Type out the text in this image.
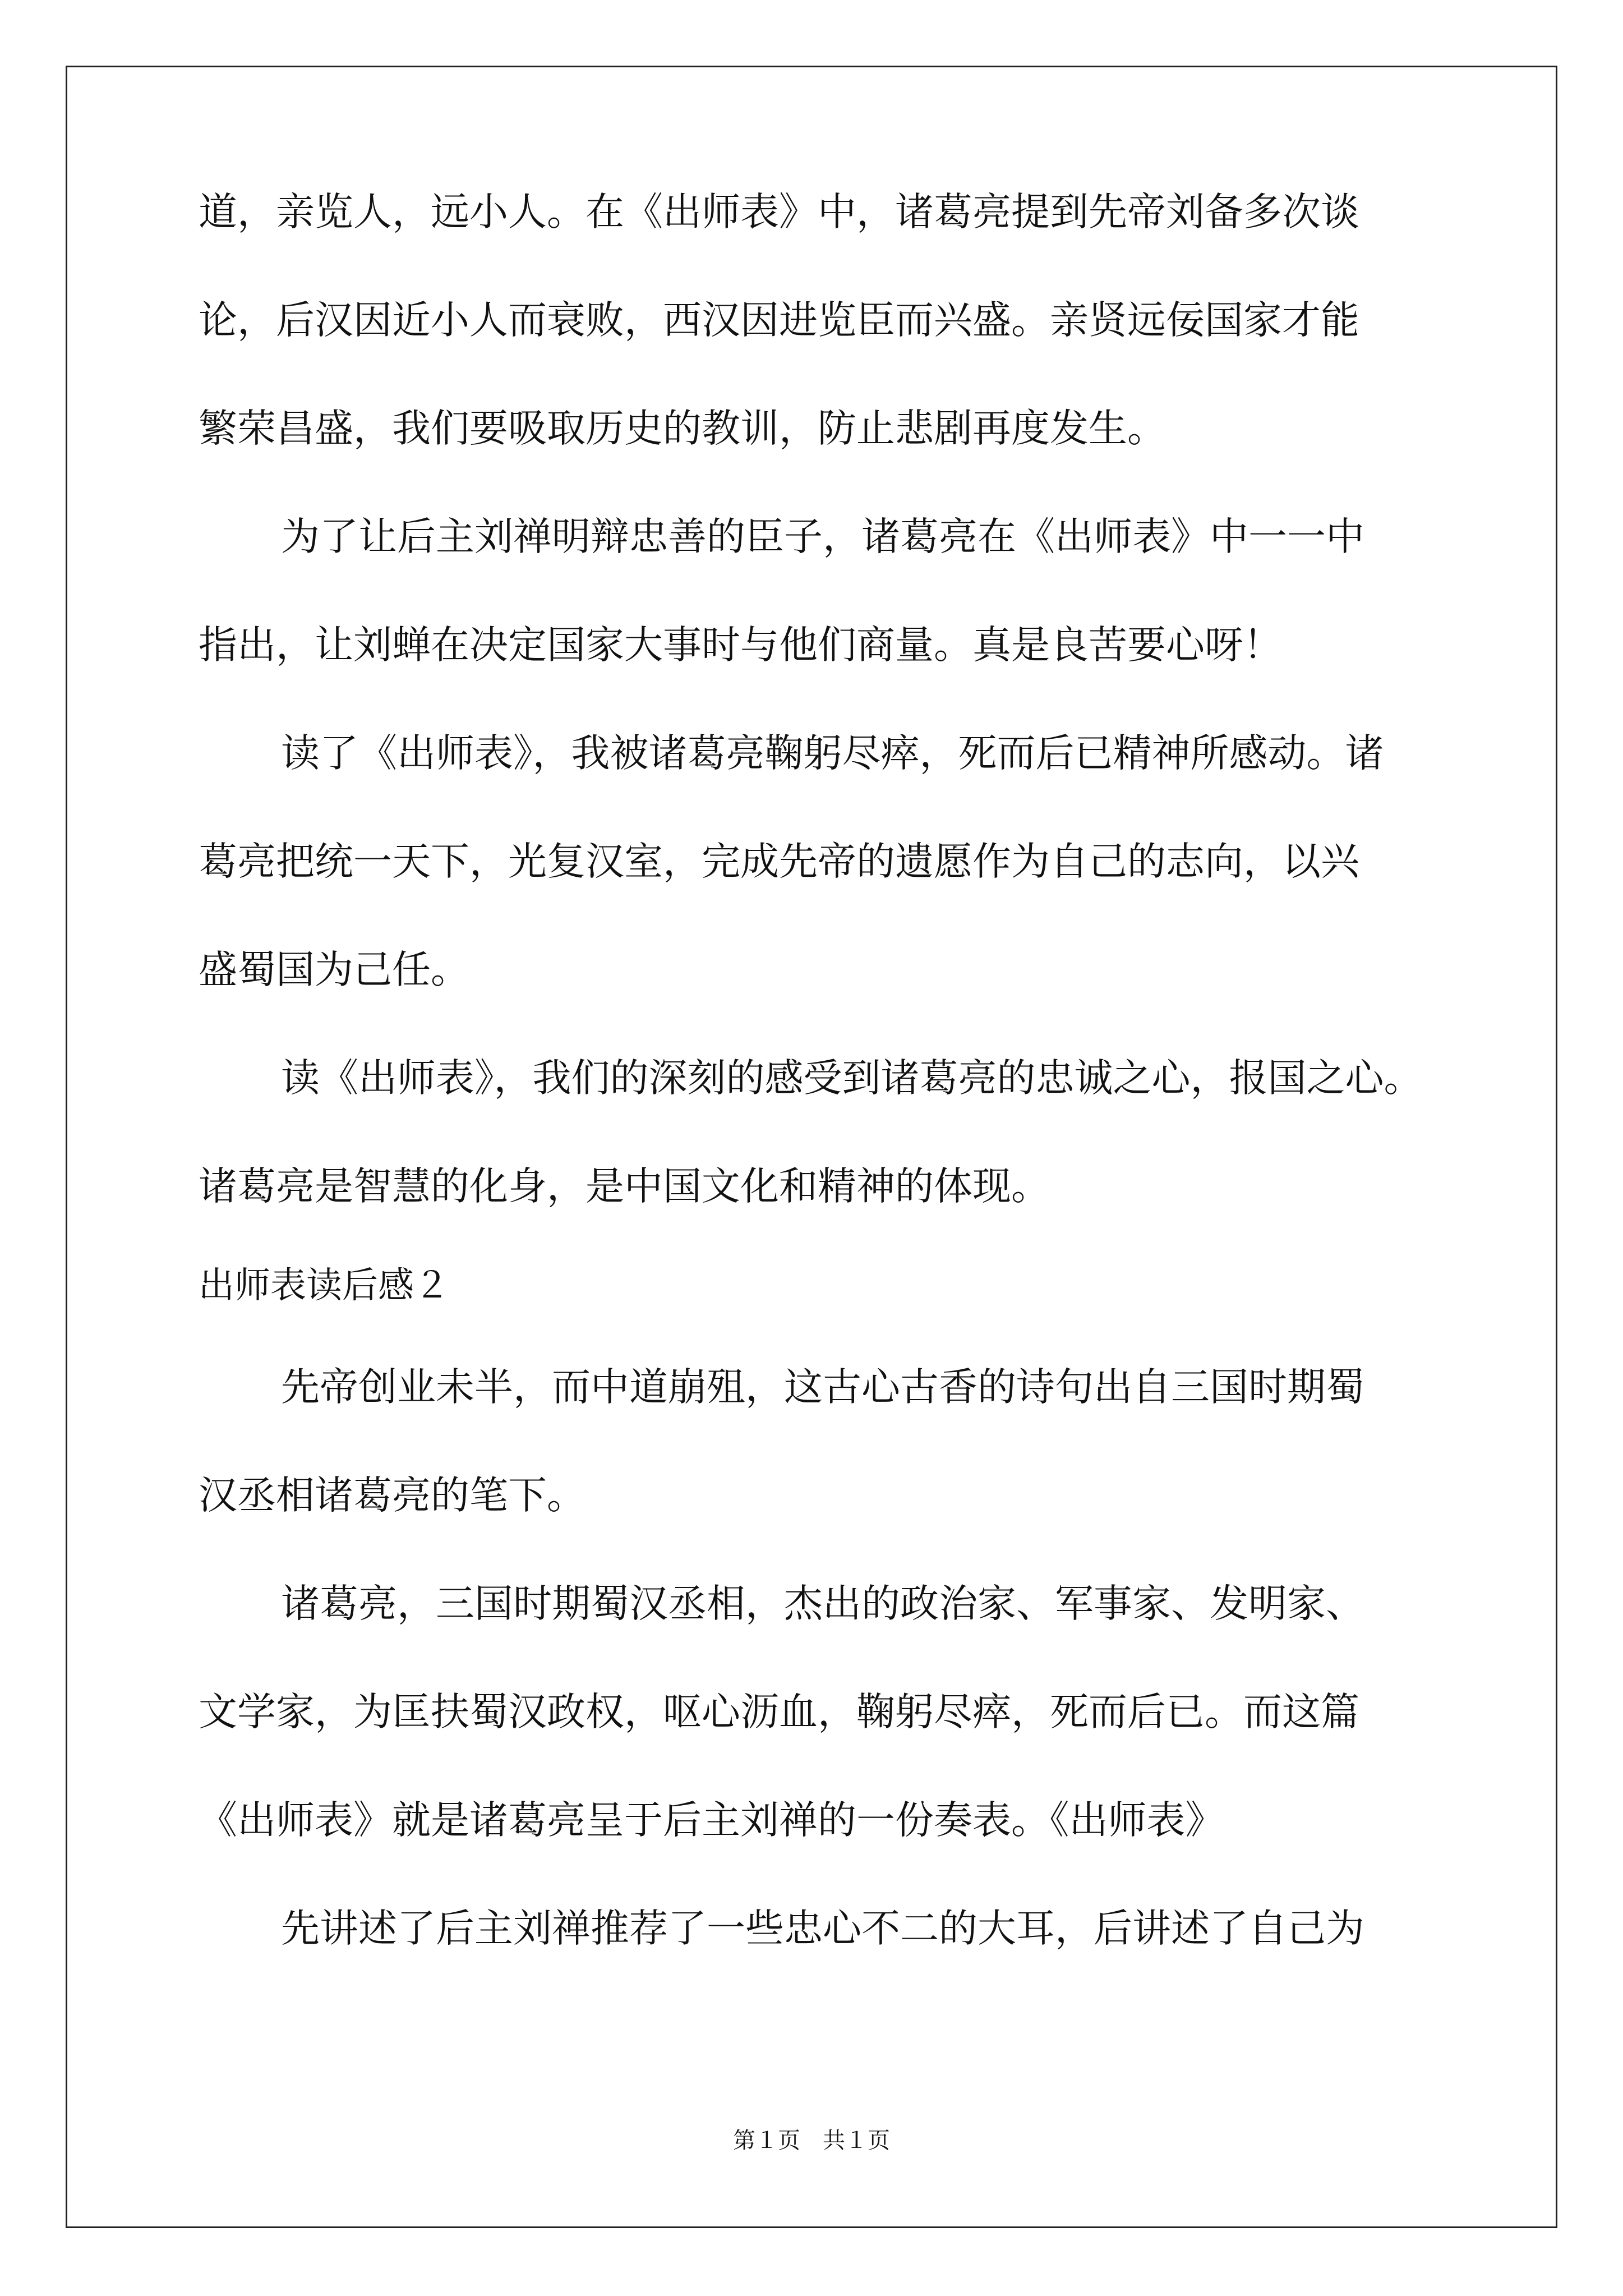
道，亲览人，远小人。在《出师表》中，诸葛亮提到先帝刘备多次谈
论，后汉因近小人而衰败，西汉因进览臣而兴盛。亲贤远佞国家才能
繁荣昌盛，我们要吸取历史的教训，防止悲剧再度发生。
为了让后主刘禅明辩忠善的臣子，诸葛亮在《出师表》中一一中
指出，让刘蝉在决定国家大事时与他们商量。真是良苦要心呀！
读了《出师表》，我被诸葛亮鞠躬尽瘁，死而后已精神所感动。诸
葛亮把统一天下，光复汉室，完成先帝的遗愿作为自己的志向，以兴
盛蜀国为己任。
读《出师表》，我们的深刻的感受到诸葛亮的忠诚之心，报国之心。
诸葛亮是智慧的化身，是中国文化和精神的体现。
出师表读后感２
先帝创业未半，而中道崩殂，这古心古香的诗句出自三国时期蜀
汉丞相诸葛亮的笔下。
诸葛亮，三国时期蜀汉丞相，杰出的政治家、军事家、发明家、
文学家，为匡扶蜀汉政权，呕心沥血，鞠躬尽瘁，死而后已。而这篇
《出师表》就是诸葛亮呈于后主刘禅的一份奏表。《出师表》
先讲述了后主刘禅推荐了一些忠心不二的大耳，后讲述了自己为
第１页　共１页
